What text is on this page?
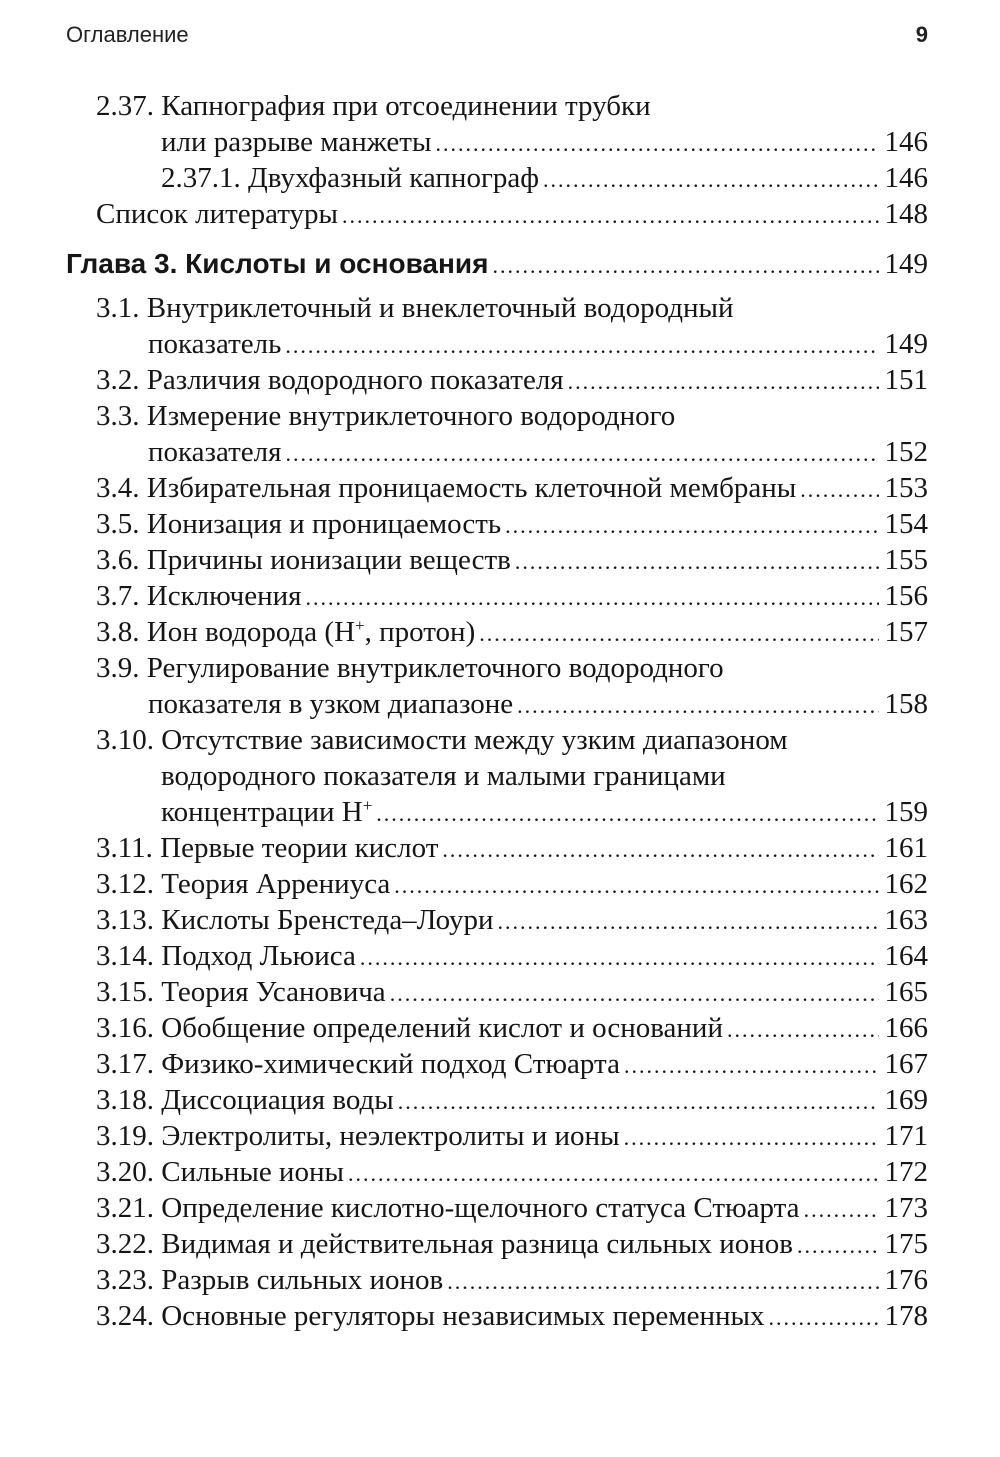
Оглавление	9
2.37. Капнография при отсоединении трубки
или разрыве манжеты .....	146
2.37.1. Двухфазный капнограф .....	146
Список литературы .....	148
Глава 3. Кислоты и основания .....	149
3.1. Внутриклеточный и внеклеточный водородный
показатель .....	149
3.2. Различия водородного показателя .....	151
3.3. Измерение внутриклеточного водородного
показателя .....	152
3.4. Избирательная проницаемость клеточной мембраны .....	153
3.5. Ионизация и проницаемость .....	154
3.6. Причины ионизации веществ .....	155
3.7. Исключения .....	156
3.8. Ион водорода (H+, протон) .....	157
3.9. Регулирование внутриклеточного водородного
показателя в узком диапазоне .....	158
3.10. Отсутствие зависимости между узким диапазоном
водородного показателя и малыми границами
концентрации H+ .....	159
3.11. Первые теории кислот .....	161
3.12. Теория Аррениуса .....	162
3.13. Кислоты Бренстеда–Лоури .....	163
3.14. Подход Льюиса .....	164
3.15. Теория Усановича .....	165
3.16. Обобщение определений кислот и оснований .....	166
3.17. Физико-химический подход Стюарта .....	167
3.18. Диссоциация воды .....	169
3.19. Электролиты, неэлектролиты и ионы .....	171
3.20. Сильные ионы .....	172
3.21. Определение кислотно-щелочного статуса Стюарта .....	173
3.22. Видимая и действительная разница сильных ионов .....	175
3.23. Разрыв сильных ионов .....	176
3.24. Основные регуляторы независимых переменных .....	178
